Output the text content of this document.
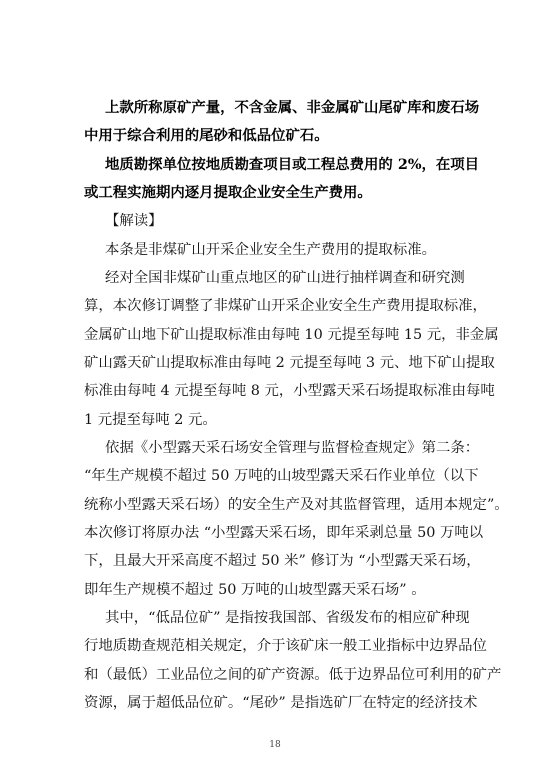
上款所称原矿产量，不含金属、非金属矿山尾矿库和废石场
中用于综合利用的尾砂和低品位矿石。
地质勘探单位按地质勘查项目或工程总费用的 2%，在项目
或工程实施期内逐月提取企业安全生产费用。
【解读】
本条是非煤矿山开采企业安全生产费用的提取标准。
经对全国非煤矿山重点地区的矿山进行抽样调查和研究测
算，本次修订调整了非煤矿山开采企业安全生产费用提取标准，
金属矿山地下矿山提取标准由每吨 10 元提至每吨 15 元，非金属
矿山露天矿山提取标准由每吨 2 元提至每吨 3 元、地下矿山提取
标准由每吨 4 元提至每吨 8 元，小型露天采石场提取标准由每吨
1 元提至每吨 2 元。
依据《小型露天采石场安全管理与监督检查规定》第二条：
“年生产规模不超过 50 万吨的山坡型露天采石作业单位（以下
统称小型露天采石场）的安全生产及对其监督管理，适用本规定”。
本次修订将原办法 “小型露天采石场，即年采剥总量 50 万吨以
下，且最大开采高度不超过 50 米” 修订为 “小型露天采石场，
即年生产规模不超过 50 万吨的山坡型露天采石场” 。
其中，“低品位矿” 是指按我国部、省级发布的相应矿种现
行地质勘查规范相关规定，介于该矿床一般工业指标中边界品位
和（最低）工业品位之间的矿产资源。低于边界品位可利用的矿产
资源，属于超低品位矿。“尾砂” 是指选矿厂在特定的经济技术
18
